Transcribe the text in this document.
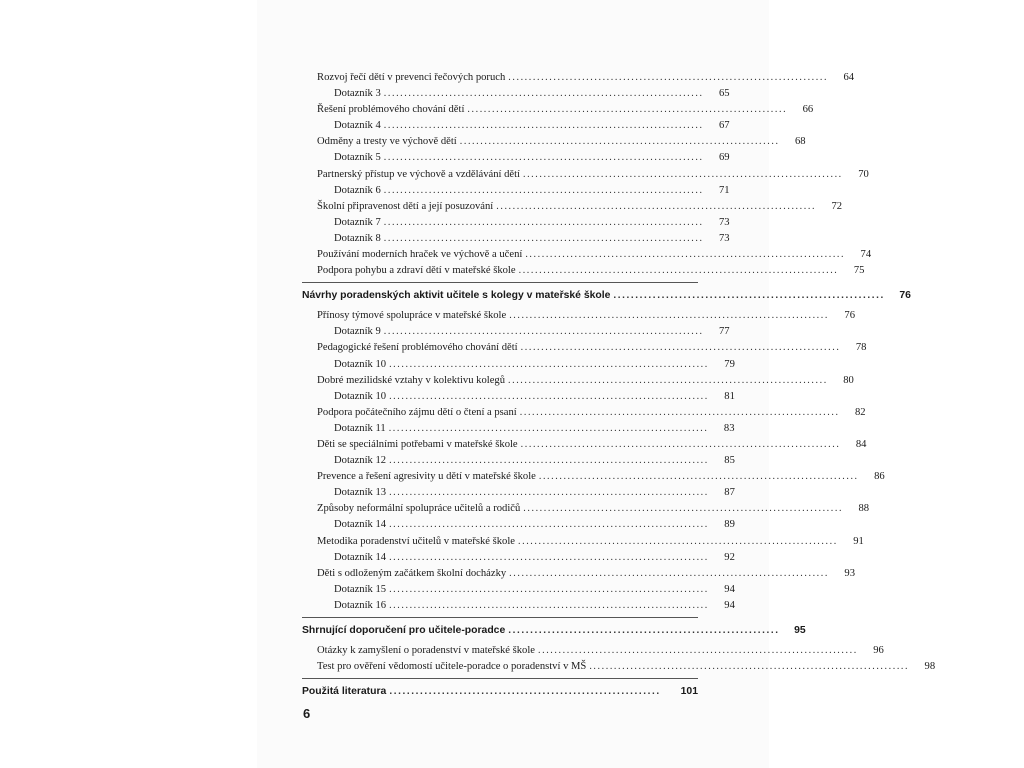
Rozvoj řečí dětí v prevenci řečových poruch ..............................................................................	64
Dotazník 3 ..............................................................................	65
Řešení problémového chování dětí ..............................................................................	66
Dotazník 4 ..............................................................................	67
Odměny a tresty ve výchově dětí ..............................................................................	68
Dotazník 5 ..............................................................................	69
Partnerský přístup ve výchově a vzdělávání dětí ..............................................................................	70
Dotazník 6 ..............................................................................	71
Školní připravenost dětí a její posuzování ..............................................................................	72
Dotazník 7 ..............................................................................	73
Dotazník 8 ..............................................................................	73
Používání moderních hraček ve výchově a učení ..............................................................................	74
Podpora pohybu a zdraví dětí v mateřské škole ..............................................................................	75
Návrhy poradenských aktivit učitele s kolegy v mateřské škole ..............................................................	76
Přínosy týmové spolupráce v mateřské škole ..............................................................................	76
Dotazník 9 ..............................................................................	77
Pedagogické řešení problémového chování dětí ..............................................................................	78
Dotazník 10 ..............................................................................	79
Dobré mezilidské vztahy v kolektivu kolegů ..............................................................................	80
Dotazník 10 ..............................................................................	81
Podpora počátečního zájmu dětí o čtení a psaní ..............................................................................	82
Dotazník 11 ..............................................................................	83
Děti se speciálními potřebami v mateřské škole ..............................................................................	84
Dotazník 12 ..............................................................................	85
Prevence a řešení agresivity u dětí v mateřské škole ..............................................................................	86
Dotazník 13 ..............................................................................	87
Způsoby neformální spolupráce učitelů a rodičů ..............................................................................	88
Dotazník 14 ..............................................................................	89
Metodika poradenství učitelů v mateřské škole ..............................................................................	91
Dotazník 14 ..............................................................................	92
Děti s odloženým začátkem školní docházky ..............................................................................	93
Dotazník 15 ..............................................................................	94
Dotazník 16 ..............................................................................	94
Shrnující doporučení pro učitele-poradce ..............................................................	95
Otázky k zamyšlení o poradenství v mateřské škole ..............................................................................	96
Test pro ověření vědomostí učitele-poradce o poradenství v MŠ ..............................................................................	98
Použitá literatura ..............................................................	101
6
